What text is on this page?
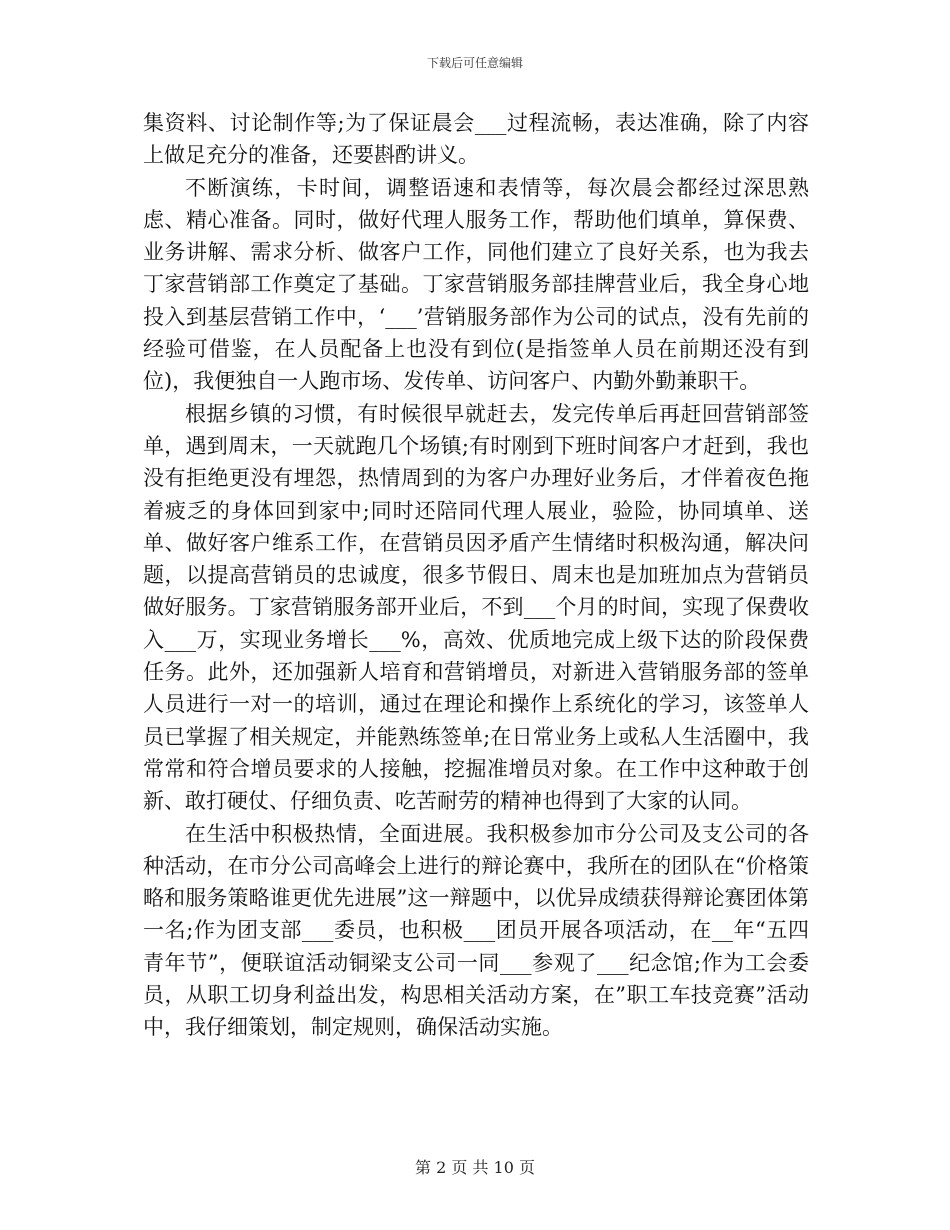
下载后可任意编辑

集资料、讨论制作等;为了保证晨会___过程流畅，表达准确，除了内容上做足充分的准备，还要斟酌讲义。

不断演练，卡时间，调整语速和表情等，每次晨会都经过深思熟虑、精心准备。同时，做好代理人服务工作，帮助他们填单，算保费、业务讲解、需求分析、做客户工作，同他们建立了良好关系，也为我去丁家营销部工作奠定了基础。丁家营销服务部挂牌营业后，我全身心地投入到基层营销工作中，‘___’营销服务部作为公司的试点，没有先前的经验可借鉴，在人员配备上也没有到位(是指签单人员在前期还没有到位)，我便独自一人跑市场、发传单、访问客户、内勤外勤兼职干。

根据乡镇的习惯，有时候很早就赶去，发完传单后再赶回营销部签单，遇到周末，一天就跑几个场镇;有时刚到下班时间客户才赶到，我也没有拒绝更没有埋怨，热情周到的为客户办理好业务后，才伴着夜色拖着疲乏的身体回到家中;同时还陪同代理人展业，验险，协同填单、送单、做好客户维系工作，在营销员因矛盾产生情绪时积极沟通，解决问题，以提高营销员的忠诚度，很多节假日、周末也是加班加点为营销员做好服务。丁家营销服务部开业后，不到___个月的时间，实现了保费收入___万，实现业务增长___%，高效、优质地完成上级下达的阶段保费任务。此外，还加强新人培育和营销增员，对新进入营销服务部的签单人员进行一对一的培训，通过在理论和操作上系统化的学习，该签单人员已掌握了相关规定，并能熟练签单;在日常业务上或私人生活圈中，我常常和符合增员要求的人接触，挖掘准增员对象。在工作中这种敢于创新、敢打硬仗、仔细负责、吃苦耐劳的精神也得到了大家的认同。

在生活中积极热情，全面进展。我积极参加市分公司及支公司的各种活动，在市分公司高峰会上进行的辩论赛中，我所在的团队在“价格策略和服务策略谁更优先进展”这一辩题中，以优异成绩获得辩论赛团体第一名;作为团支部___委员，也积极___团员开展各项活动，在__年“五四青年节”，便联谊活动铜梁支公司一同___参观了___纪念馆;作为工会委员，从职工切身利益出发，构思相关活动方案，在”职工车技竞赛”活动中，我仔细策划，制定规则，确保活动实施。

第 2 页 共 10 页
